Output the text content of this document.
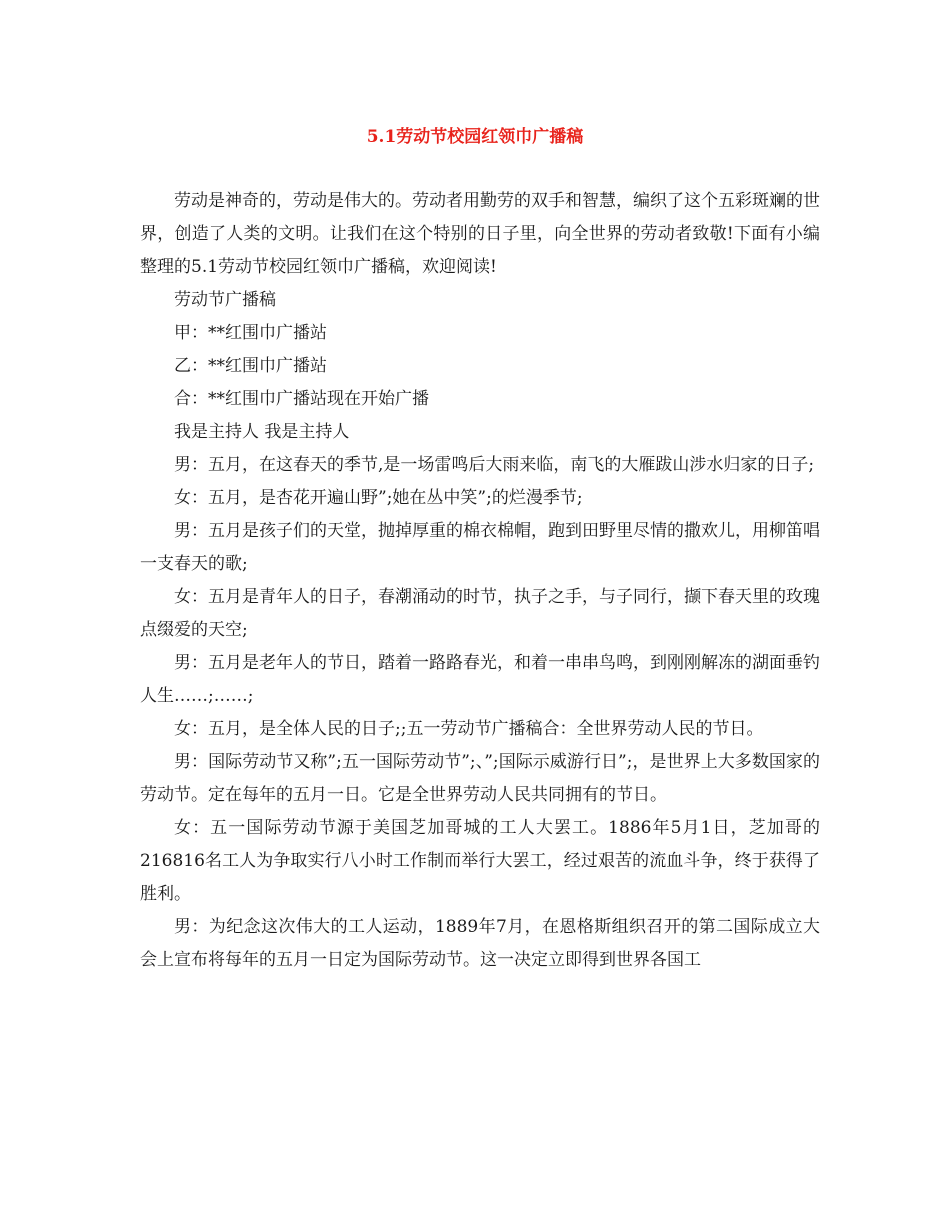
5.1劳动节校园红领巾广播稿

劳动是神奇的，劳动是伟大的。劳动者用勤劳的双手和智慧，编织了这个五彩斑斓的世界，创造了人类的文明。让我们在这个特别的日子里，向全世界的劳动者致敬!下面有小编整理的5.1劳动节校园红领巾广播稿，欢迎阅读!

劳动节广播稿

甲：**红围巾广播站

乙：**红围巾广播站

合：**红围巾广播站现在开始广播

我是主持人 我是主持人

男：五月，在这春天的季节,是一场雷鸣后大雨来临，南飞的大雁跋山涉水归家的日子;

女：五月，是杏花开遍山野”;她在丛中笑”;的烂漫季节;

男：五月是孩子们的天堂，抛掉厚重的棉衣棉帽，跑到田野里尽情的撒欢儿，用柳笛唱一支春天的歌;

女：五月是青年人的日子，春潮涌动的时节，执子之手，与子同行，撷下春天里的玫瑰点缀爱的天空;

男：五月是老年人的节日，踏着一路路春光，和着一串串鸟鸣，到刚刚解冻的湖面垂钓人生……;……;

女：五月，是全体人民的日子;;五一劳动节广播稿合：全世界劳动人民的节日。

男：国际劳动节又称”;五一国际劳动节”;、”;国际示威游行日”;，是世界上大多数国家的劳动节。定在每年的五月一日。它是全世界劳动人民共同拥有的节日。

女：五一国际劳动节源于美国芝加哥城的工人大罢工。1886年5月1日，芝加哥的216816名工人为争取实行八小时工作制而举行大罢工，经过艰苦的流血斗争，终于获得了胜利。

男：为纪念这次伟大的工人运动，1889年7月，在恩格斯组织召开的第二国际成立大会上宣布将每年的五月一日定为国际劳动节。这一决定立即得到世界各国工
